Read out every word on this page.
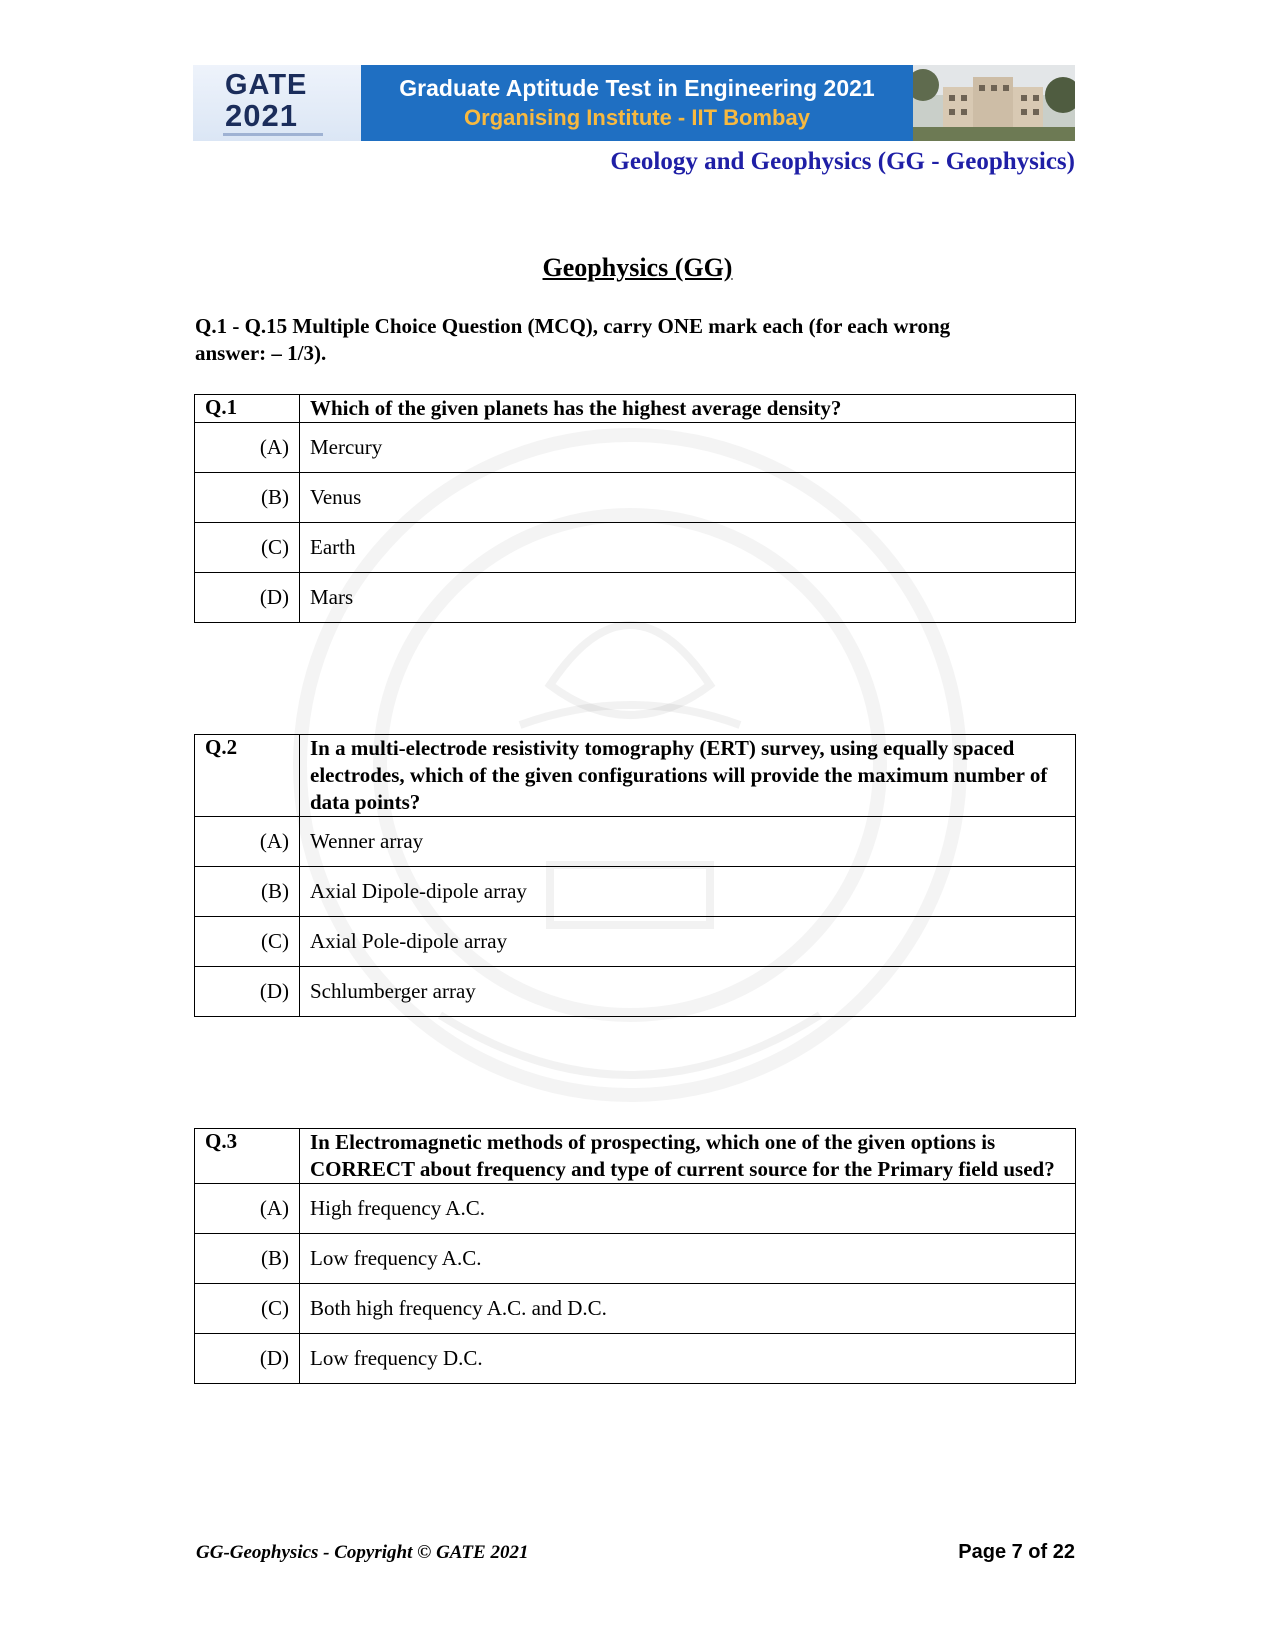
GATE
2021
Graduate Aptitude Test in Engineering 2021
Organising Institute - IIT Bombay
Geology and Geophysics (GG - Geophysics)
Geophysics (GG)
Q.1 - Q.15 Multiple Choice Question (MCQ), carry ONE mark each (for each wrong
answer: – 1/3).
Q.1	Which of the given planets has the highest average density?
(A)	Mercury
(B)	Venus
(C)	Earth
(D)	Mars
Q.2	In a multi-electrode resistivity tomography (ERT) survey, using equally spaced electrodes, which of the given configurations will provide the maximum number of data points?
(A)	Wenner array
(B)	Axial Dipole-dipole array
(C)	Axial Pole-dipole array
(D)	Schlumberger array
Q.3	In Electromagnetic methods of prospecting, which one of the given options is CORRECT about frequency and type of current source for the Primary field used?
(A)	High frequency A.C.
(B)	Low frequency A.C.
(C)	Both high frequency A.C. and D.C.
(D)	Low frequency D.C.
GG-Geophysics - Copyright © GATE 2021	Page 7 of 22
